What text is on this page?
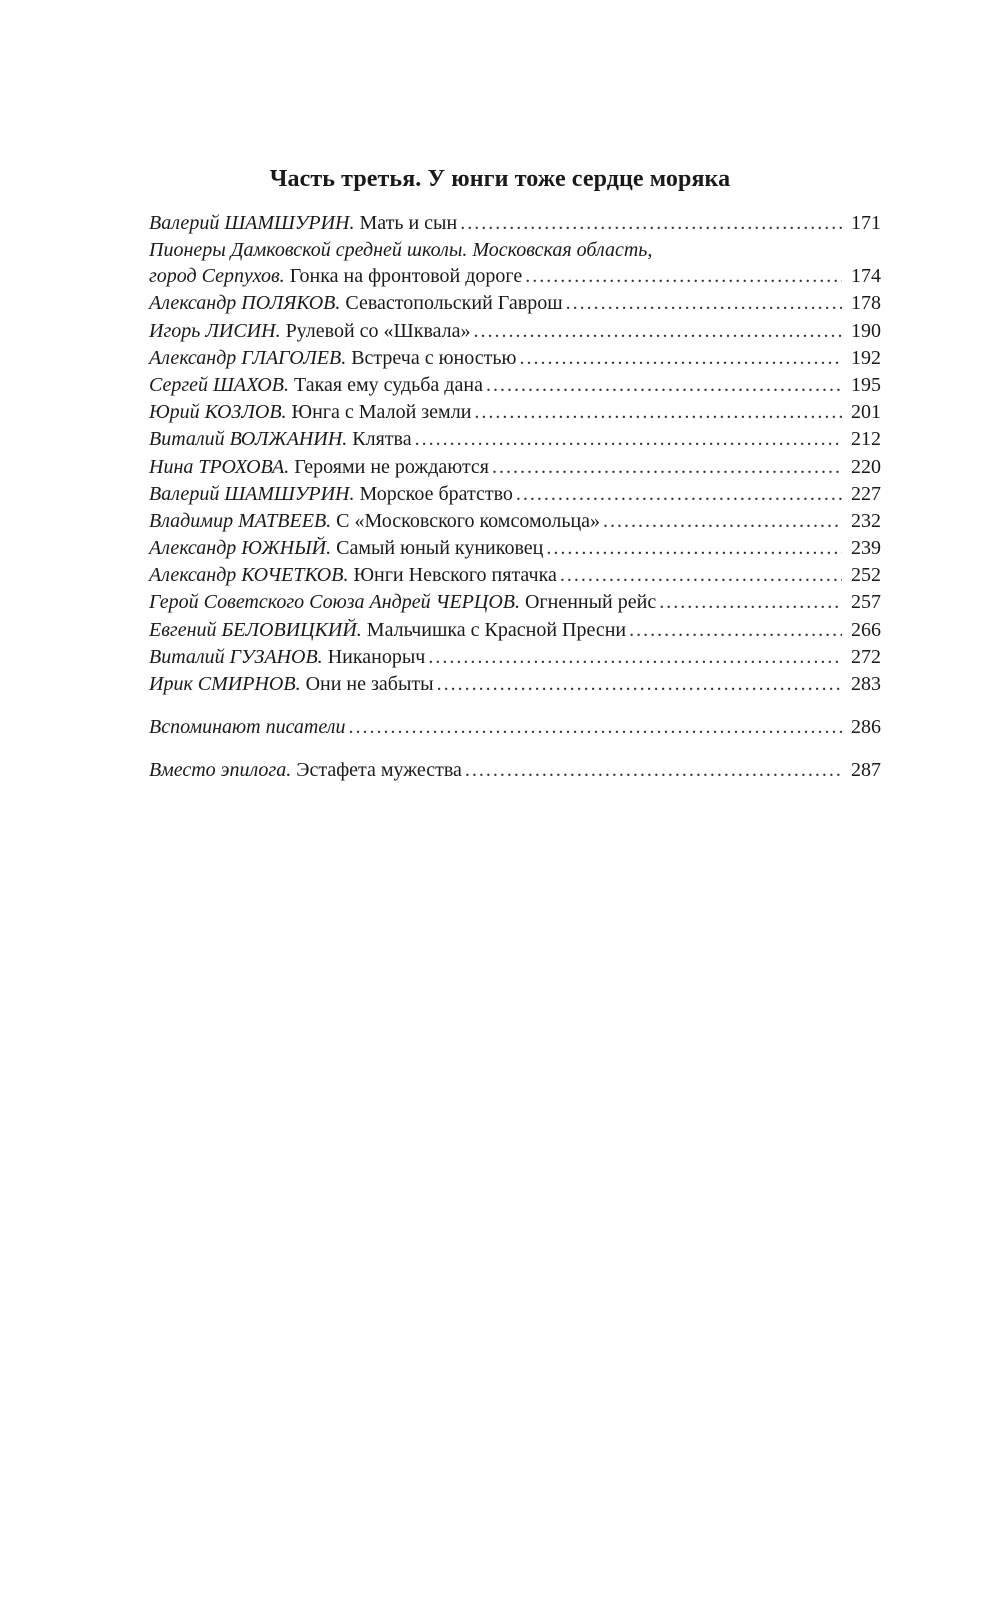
Часть третья. У юнги тоже сердце моряка
Валерий ШАМШУРИН.
Мать и сын .....	171
Пионеры Дамковской средней школы. Московская область,
город Серпухов.
Гонка на фронтовой дороге .....	174
Александр ПОЛЯКОВ.
Севастопольский Гаврош .....	178
Игорь ЛИСИН.
Рулевой со «Шквала» .....	190
Александр ГЛАГОЛЕВ.
Встреча с юностью .....	192
Сергей ШАХОВ.
Такая ему судьба дана .....	195
Юрий КОЗЛОВ.
Юнга с Малой земли .....	201
Виталий ВОЛЖАНИН.
Клятва .....	212
Нина ТРОХОВА.
Героями не рождаются .....	220
Валерий ШАМШУРИН.
Морское братство .....	227
Владимир МАТВЕЕВ.
С «Московского комсомольца» .....	232
Александр ЮЖНЫЙ.
Самый юный куниковец .....	239
Александр КОЧЕТКОВ.
Юнги Невского пятачка .....	252
Герой Советского Союза Андрей ЧЕРЦОВ.
Огненный рейс .....	257
Евгений БЕЛОВИЦКИЙ.
Мальчишка с Красной Пресни .....	266
Виталий ГУЗАНОВ.
Никанорыч .....	272
Ирик СМИРНОВ.
Они не забыты .....	283
Вспоминают писатели .....	286
Вместо эпилога.
Эстафета мужества .....	287
